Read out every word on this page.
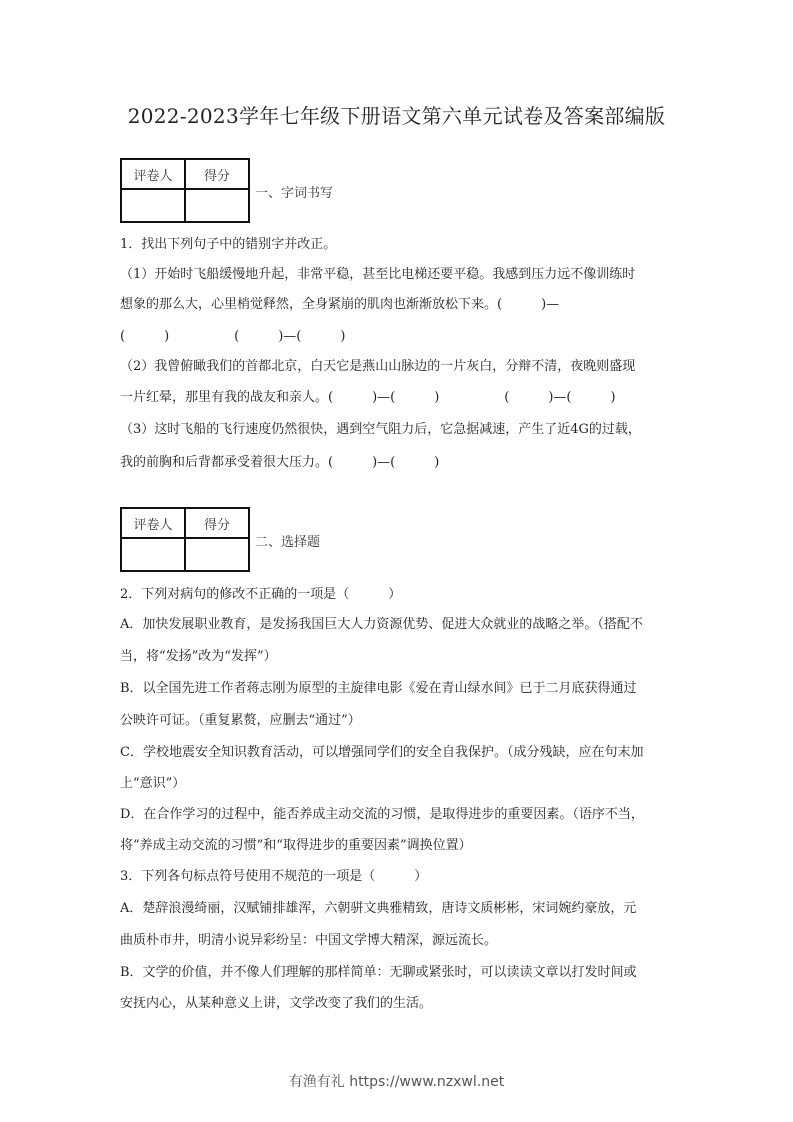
2022-2023学年七年级下册语文第六单元试卷及答案部编版
评卷人	得分

一、字词书写
1．找出下列句子中的错别字并改正。
（1）开始时飞船缓慢地升起，非常平稳，甚至比电梯还要平稳。我感到压力远不像训练时
想象的那么大，心里梢觉释然，全身紧崩的肌肉也渐渐放松下来。(　　　)—
(　　　)　　　　　(　　　)—(　　　)
（2）我曾俯瞰我们的首都北京，白天它是燕山山脉边的一片灰白，分辩不清，夜晚则盛现
一片红晕，那里有我的战友和亲人。(　　　)—(　　　)　　　　　(　　　)—(　　　)
（3）这时飞船的飞行速度仍然很快，遇到空气阻力后，它急据减速，产生了近4G的过载，
我的前胸和后背都承受着很大压力。(　　　)—(　　　)
评卷人	得分

二、选择题
2．下列对病句的修改不正确的一项是（　　　）
A．加快发展职业教育，是发扬我国巨大人力资源优势、促进大众就业的战略之举。（搭配不
当，将“发扬”改为“发挥”）
B．以全国先进工作者蒋志刚为原型的主旋律电影《爱在青山绿水间》已于二月底获得通过
公映许可证。（重复累赘，应删去“通过”）
C．学校地震安全知识教育活动，可以增强同学们的安全自我保护。（成分残缺，应在句末加
上“意识”）
D．在合作学习的过程中，能否养成主动交流的习惯，是取得进步的重要因素。（语序不当，
将“养成主动交流的习惯”和“取得进步的重要因素”调换位置）
3．下列各句标点符号使用不规范的一项是（　　　）
A．楚辞浪漫绮丽，汉赋铺排雄浑，六朝骈文典雅精致，唐诗文质彬彬，宋词婉约豪放，元
曲质朴市井，明清小说异彩纷呈：中国文学博大精深，源远流长。
B．文学的价值，并不像人们理解的那样简单：无聊或紧张时，可以读读文章以打发时间或
安抚内心，从某种意义上讲，文学改变了我们的生活。
有渔有礼 https://www.nzxwl.net
